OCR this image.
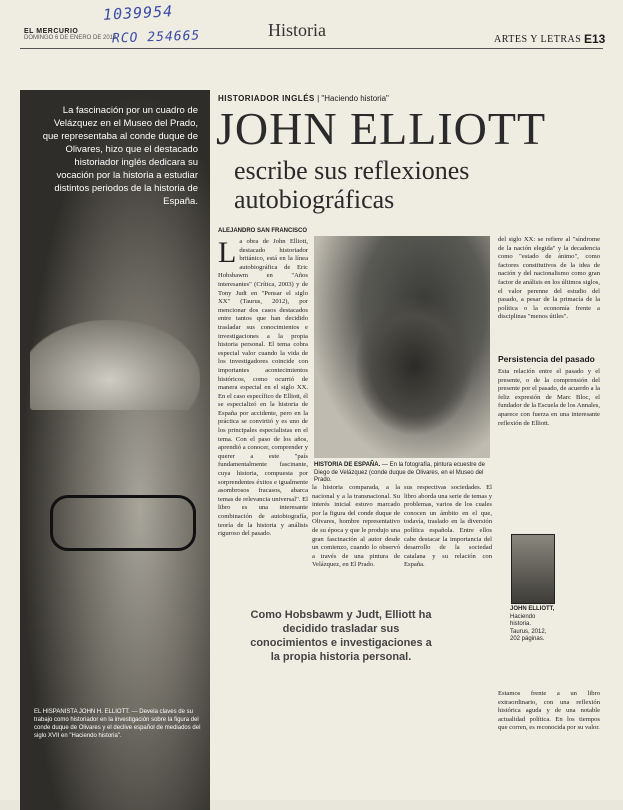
1039954
RCO 254665
EL MERCURIO
DOMINGO 6 DE ENERO DE 2013	Historia	ARTES Y LETRAS E13
La fascinación por un cuadro de Velázquez en el Museo del Prado, que representaba al conde duque de Olivares, hizo que el destacado historiador inglés dedicara su vocación por la historia a estudiar distintos periodos de la historia de España.
EL HISPANISTA JOHN H. ELLIOTT. — Devela claves de su trabajo como historiador en la investigación sobre la figura del conde duque de Olivares y el declive español de mediados del siglo XVII en "Haciendo historia".
HISTORIADOR INGLÉS | "Haciendo historia"
JOHN ELLIOTT
escribe sus reflexiones autobiográficas
ALEJANDRO SAN FRANCISCO
La obra de John Elliott, destacado historiador británico, está en la línea autobiográfica de Eric Hobsbawm en "Años interesantes" (Crítica, 2003) y de Tony Judt en "Pensar el siglo XX" (Taurus, 2012), por mencionar dos casos destacados entre tantos que han decidido trasladar sus conocimientos e investigaciones a la propia historia personal. El tema cobra especial valor cuando la vida de los investigadores coincide con importantes acontecimientos históricos, como ocurrió de manera especial en el siglo XX. En el caso específico de Elliott, él se especializó en la historia de España por accidente, pero en la práctica se convirtió y es uno de los principales especialistas en el tema. Con el paso de los años, aprendió a conocer, comprender y querer a este "país fundamentalmente fascinante, cuya historia, compuesta por sorprendentes éxitos e igualmente asombrosos fracasos, abarca temas de relevancia universal". El libro es una interesante combinación de autobiografía, teoría de la historia y análisis riguroso del pasado.
HISTORIA DE ESPAÑA. — En la fotografía, pintura ecuestre de Diego de Velázquez (conde duque de Olivares, en el Museo del Prado.
la historia comparada, a la nacional y a la transnacional. Su interés inicial estuvo marcado por la figura del conde duque de Olivares, hombre representativo de su época y que le produjo una gran fascinación al autor desde un comienzo, cuando lo observó a través de una pintura de Velázquez, en El Prado.
sus respectivas sociedades. El libro aborda una serie de temas y problemas, varios de los cuales conocen un ámbito en el que, todavía, traslado en la diversión política española. Entre ellos cabe destacar la importancia del desarrollo de la sociedad catalana y su relación con España.
Como Hobsbawm y Judt, Elliott ha decidido trasladar sus conocimientos e investigaciones a la propia historia personal.
del siglo XX: se refiere al "síndrome de la nación elegida" y la decadencia como "estado de ánimo", como factores constitutivos de la idea de nación y del nacionalismo como gran factor de análisis en los últimos siglos, el valor perenne del estudio del pasado, a pesar de la primacía de la política o la economía frente a disciplinas "menos útiles".
Persistencia del pasado
Esta relación entre el pasado y el presente, o de la comprensión del presente por el pasado, de acuerdo a la feliz expresión de Marc Bloc, el fundador de la Escuela de los Annales, aparece con fuerza en una interesante reflexión de Elliott.
JOHN ELLIOTT,
Haciendo historia.
Taurus, 2012, 202 páginas.
Estamos frente a un libro extraordinario, con una reflexión histórica aguda y de una notable actualidad política. En los tiempos que corren, es reconocida por su valor.
